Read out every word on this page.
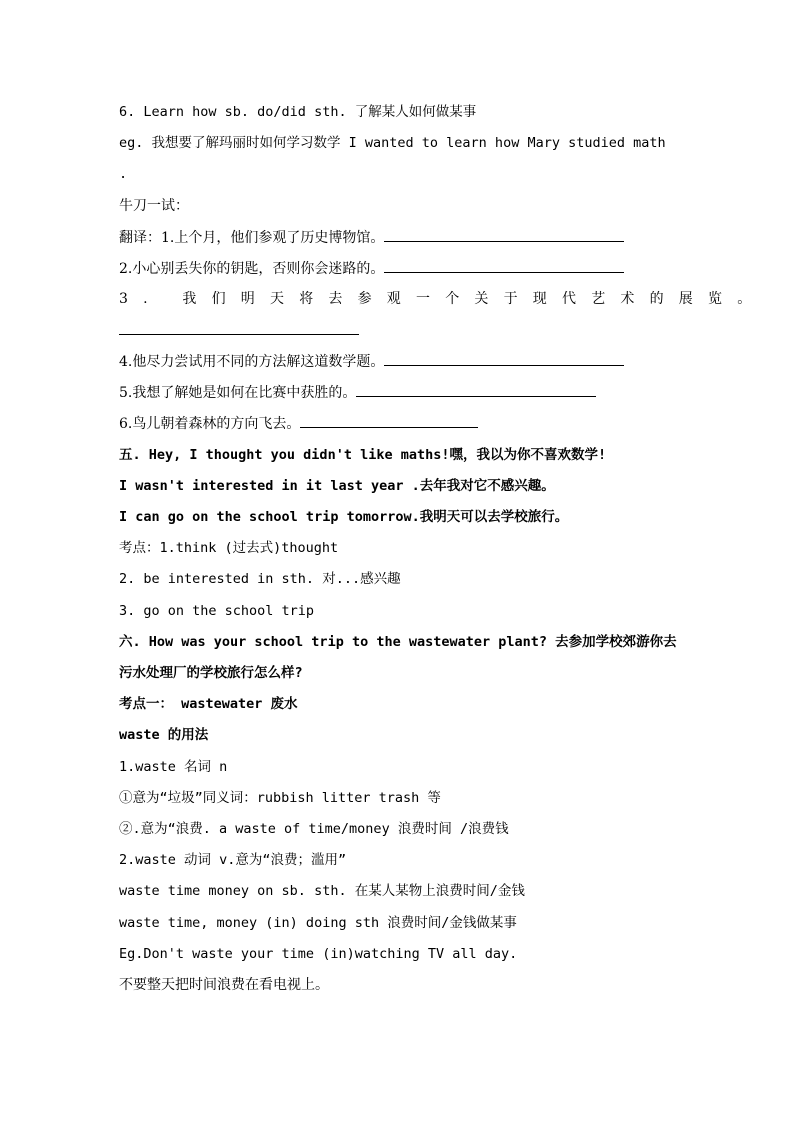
6. Learn how sb. do/did sth. 了解某人如何做某事
eg. 我想要了解玛丽时如何学习数学 I wanted to learn how Mary studied math
.
牛刀一试：
翻译：1.上个月，他们参观了历史博物馆。
2.小心别丢失你的钥匙，否则你会迷路的。
3. 我们明天将去参观一个关于现代艺术的展览。
4.他尽力尝试用不同的方法解这道数学题。
5.我想了解她是如何在比赛中获胜的。
6.鸟儿朝着森林的方向飞去。
五. Hey, I thought you didn't like maths!嘿，我以为你不喜欢数学!
I wasn't interested in it last year .去年我对它不感兴趣。
I can go on the school trip tomorrow.我明天可以去学校旅行。
考点：1.think (过去式)thought
2. be interested in sth. 对...感兴趣
3. go on the school trip
六. How was your school trip to the wastewater plant? 去参加学校郊游你去
污水处理厂的学校旅行怎么样?
考点一： wastewater 废水
waste 的用法
1.waste 名词 n
①意为“垃圾”同义词：rubbish litter trash 等
②.意为“浪费. a waste of time/money 浪费时间 /浪费钱
2.waste 动词 v.意为“浪费；滥用”
waste time money on sb. sth. 在某人某物上浪费时间/金钱
waste time, money (in) doing sth 浪费时间/金钱做某事
Eg.Don't waste your time (in)watching TV all day.
不要整天把时间浪费在看电视上。
